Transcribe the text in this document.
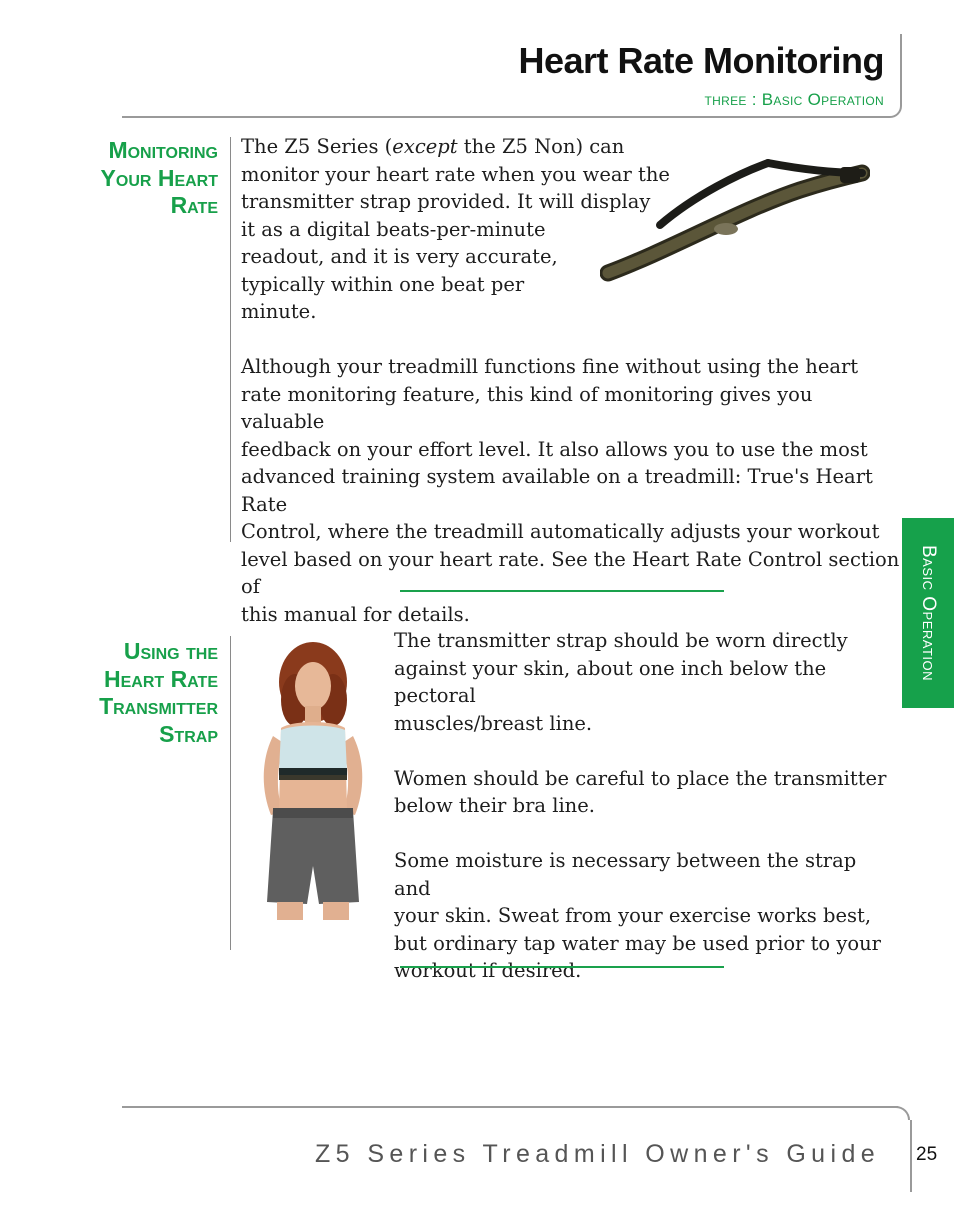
Heart Rate Monitoring
three : Basic Operation
Monitoring
Your Heart
Rate

The Z5 Series (except the Z5 Non) can

monitor your heart rate when you wear the

transmitter strap provided. It will display

it as a digital beats-per-minute

readout, and it is very accurate,

typically within one beat per

minute.

Although your treadmill functions fine without using the heart

rate monitoring feature, this kind of monitoring gives you valuable

feedback on your effort level. It also allows you to use the most

advanced training system available on a treadmill: True's Heart Rate

Control, where the treadmill automatically adjusts your workout

level based on your heart rate. See the Heart Rate Control section of

this manual for details.	Basic Operation
Using the
Heart Rate
Transmitter
Strap

The transmitter strap should be worn directly

against your skin, about one inch below the pectoral

muscles/breast line.

Women should be careful to place the transmitter

below their bra line.

Some moisture is necessary between the strap and

your skin. Sweat from your exercise works best,

but ordinary tap water may be used prior to your

workout if desired.

Z5 Series Treadmill Owner's Guide 25
